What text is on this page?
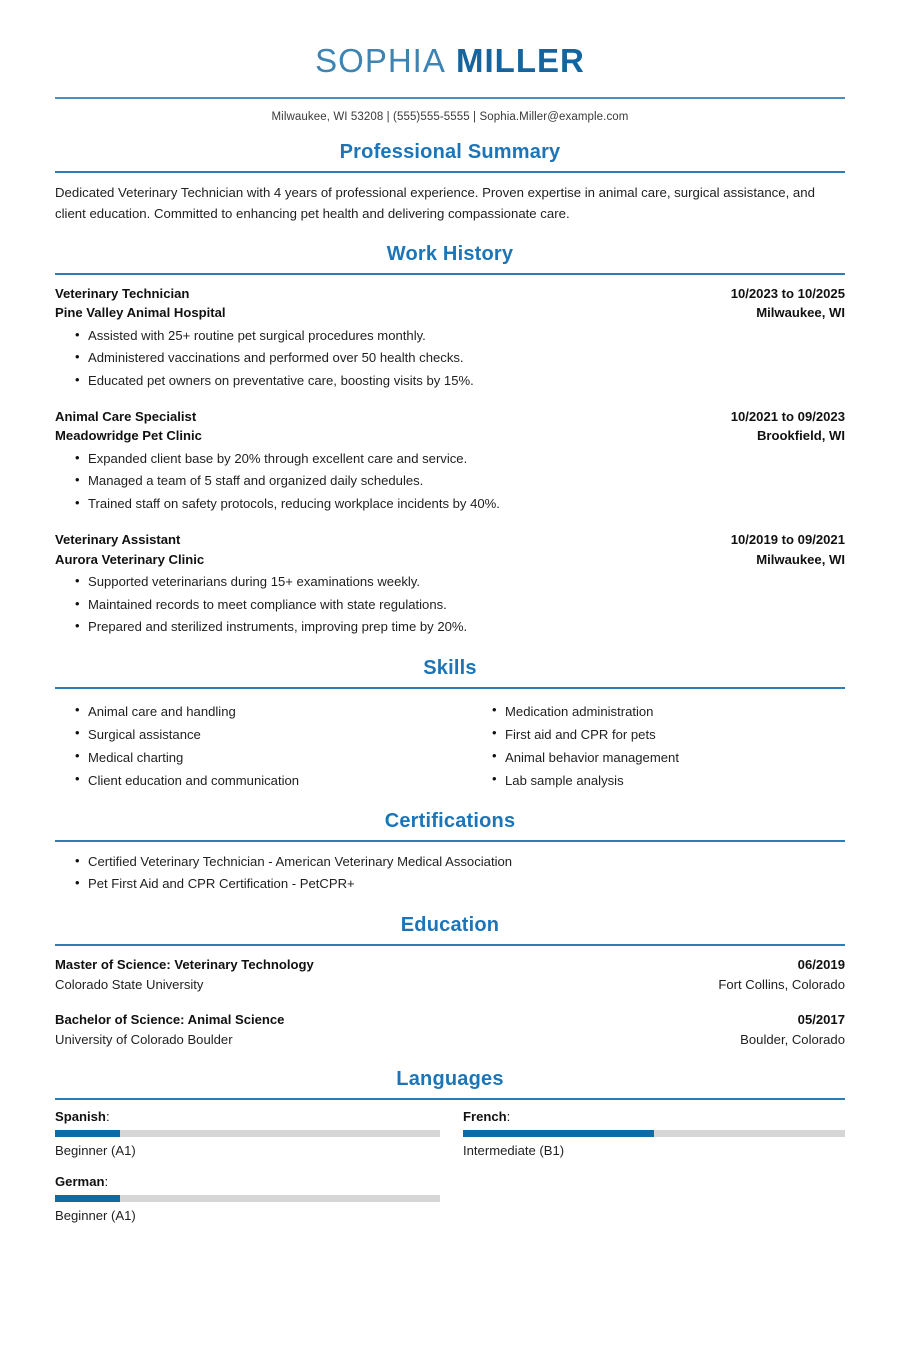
SOPHIA MILLER
Milwaukee, WI 53208 | (555)555-5555 | Sophia.Miller@example.com
Professional Summary

Dedicated Veterinary Technician with 4 years of professional experience. Proven expertise in animal care, surgical assistance, and client education. Committed to enhancing pet health and delivering compassionate care.

Work History
Veterinary Technician	10/2023 to 10/2025
Pine Valley Animal Hospital	Milwaukee, WI
• Assisted with 25+ routine pet surgical procedures monthly.
• Administered vaccinations and performed over 50 health checks.
• Educated pet owners on preventative care, boosting visits by 15%.
Animal Care Specialist	10/2021 to 09/2023
Meadowridge Pet Clinic	Brookfield, WI
• Expanded client base by 20% through excellent care and service.
• Managed a team of 5 staff and organized daily schedules.
• Trained staff on safety protocols, reducing workplace incidents by 40%.
Veterinary Assistant	10/2019 to 09/2021
Aurora Veterinary Clinic	Milwaukee, WI
• Supported veterinarians during 15+ examinations weekly.
• Maintained records to meet compliance with state regulations.
• Prepared and sterilized instruments, improving prep time by 20%.
Skills
• Animal care and handling
• Surgical assistance
• Medical charting
• Client education and communication
• Medication administration
• First aid and CPR for pets
• Animal behavior management
• Lab sample analysis
Certifications
• Certified Veterinary Technician - American Veterinary Medical Association
• Pet First Aid and CPR Certification - PetCPR+
Education
Master of Science: Veterinary Technology	06/2019
Colorado State University	Fort Collins, Colorado
Bachelor of Science: Animal Science	05/2017
University of Colorado Boulder	Boulder, Colorado
Languages
Spanish:
Beginner (A1)
French:
Intermediate (B1)
German:
Beginner (A1)
